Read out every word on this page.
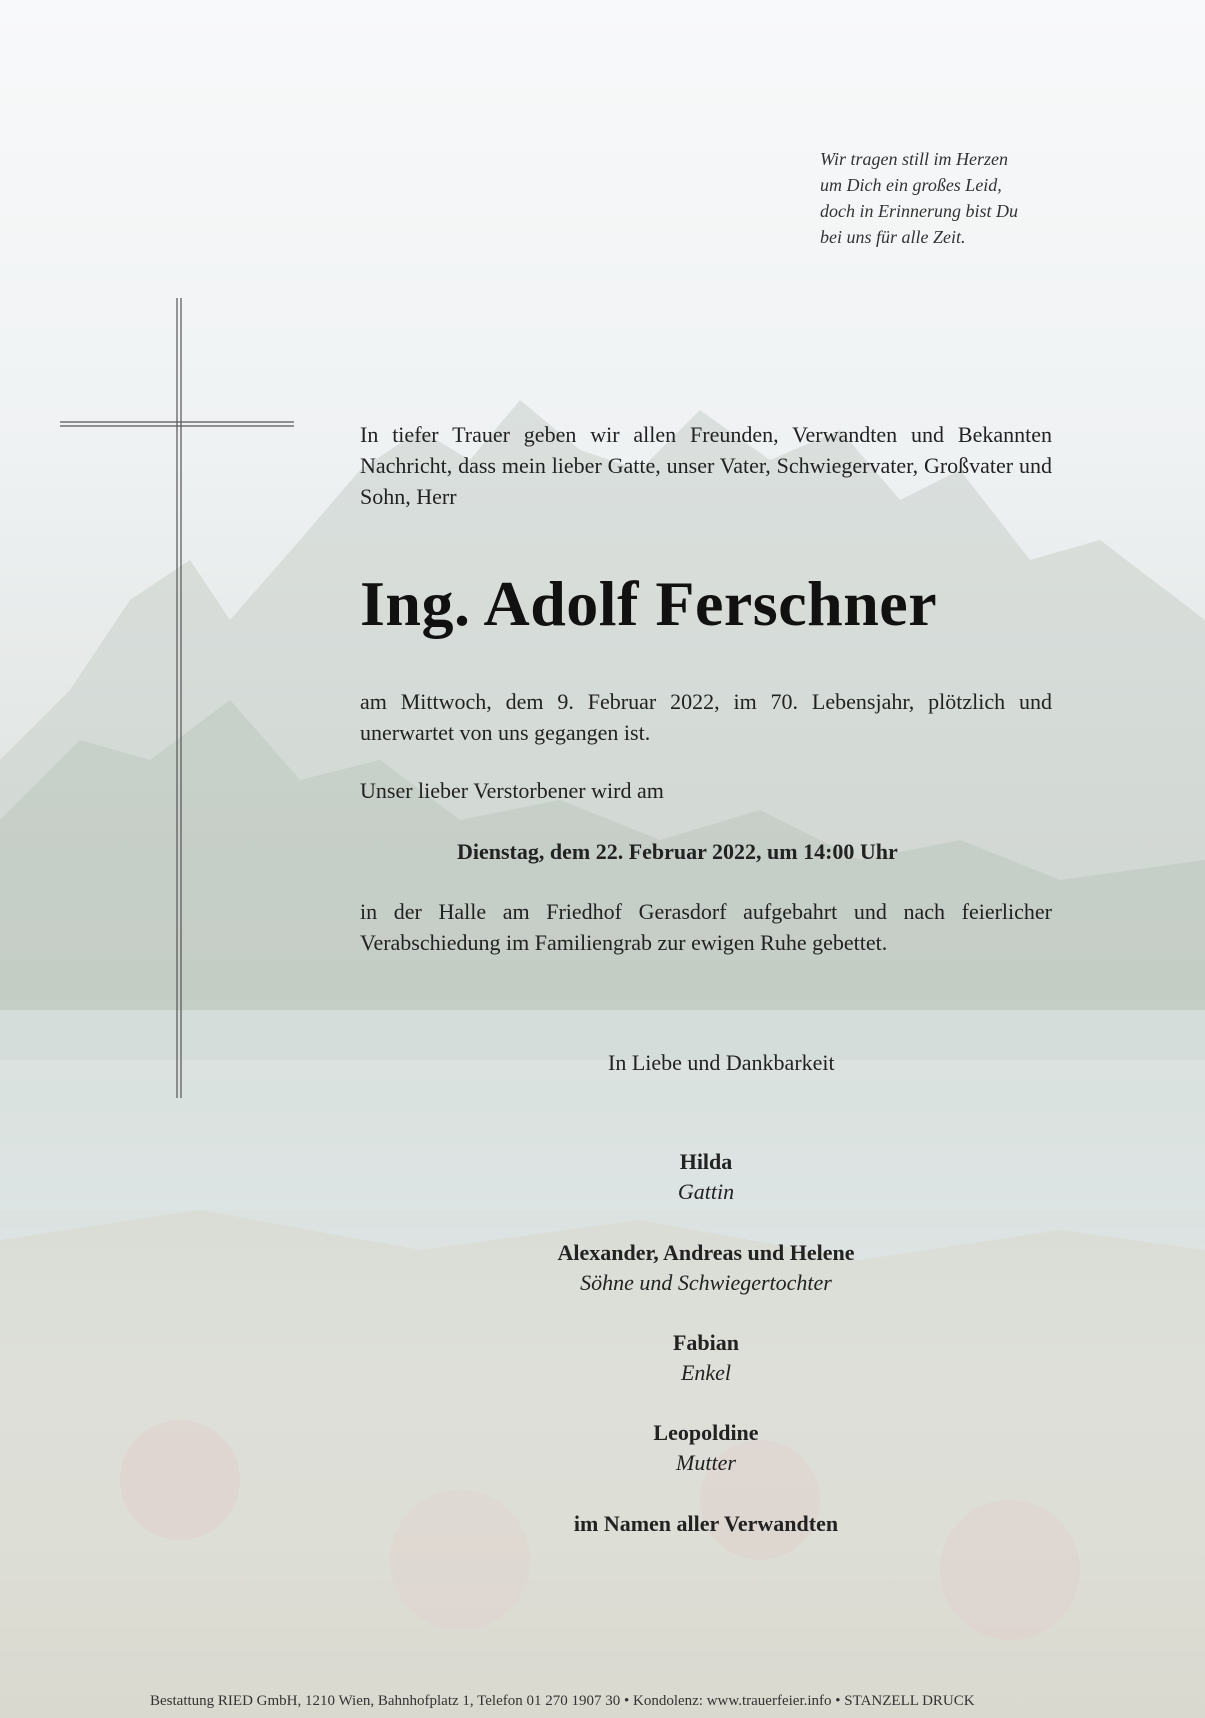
Wir tragen still im Herzen
um Dich ein großes Leid,
doch in Erinnerung bist Du
bei uns für alle Zeit.
In tiefer Trauer geben wir allen Freunden, Verwandten und Bekannten Nachricht, dass mein lieber Gatte, unser Vater, Schwiegervater, Großvater und Sohn, Herr
Ing. Adolf Ferschner
am Mittwoch, dem 9. Februar 2022, im 70. Lebensjahr, plötzlich und unerwartet von uns gegangen ist.
Unser lieber Verstorbener wird am
Dienstag, dem 22. Februar 2022, um 14:00 Uhr
in der Halle am Friedhof Gerasdorf aufgebahrt und nach feierlicher Verabschiedung im Familiengrab zur ewigen Ruhe gebettet.
In Liebe und Dankbarkeit
Hilda
Gattin
Alexander, Andreas und Helene
Söhne und Schwiegertochter
Fabian
Enkel
Leopoldine
Mutter
im Namen aller Verwandten
Bestattung RIED GmbH, 1210 Wien, Bahnhofplatz 1, Telefon 01 270 1907 30 • Kondolenz: www.trauerfeier.info • STANZELL DRUCK
